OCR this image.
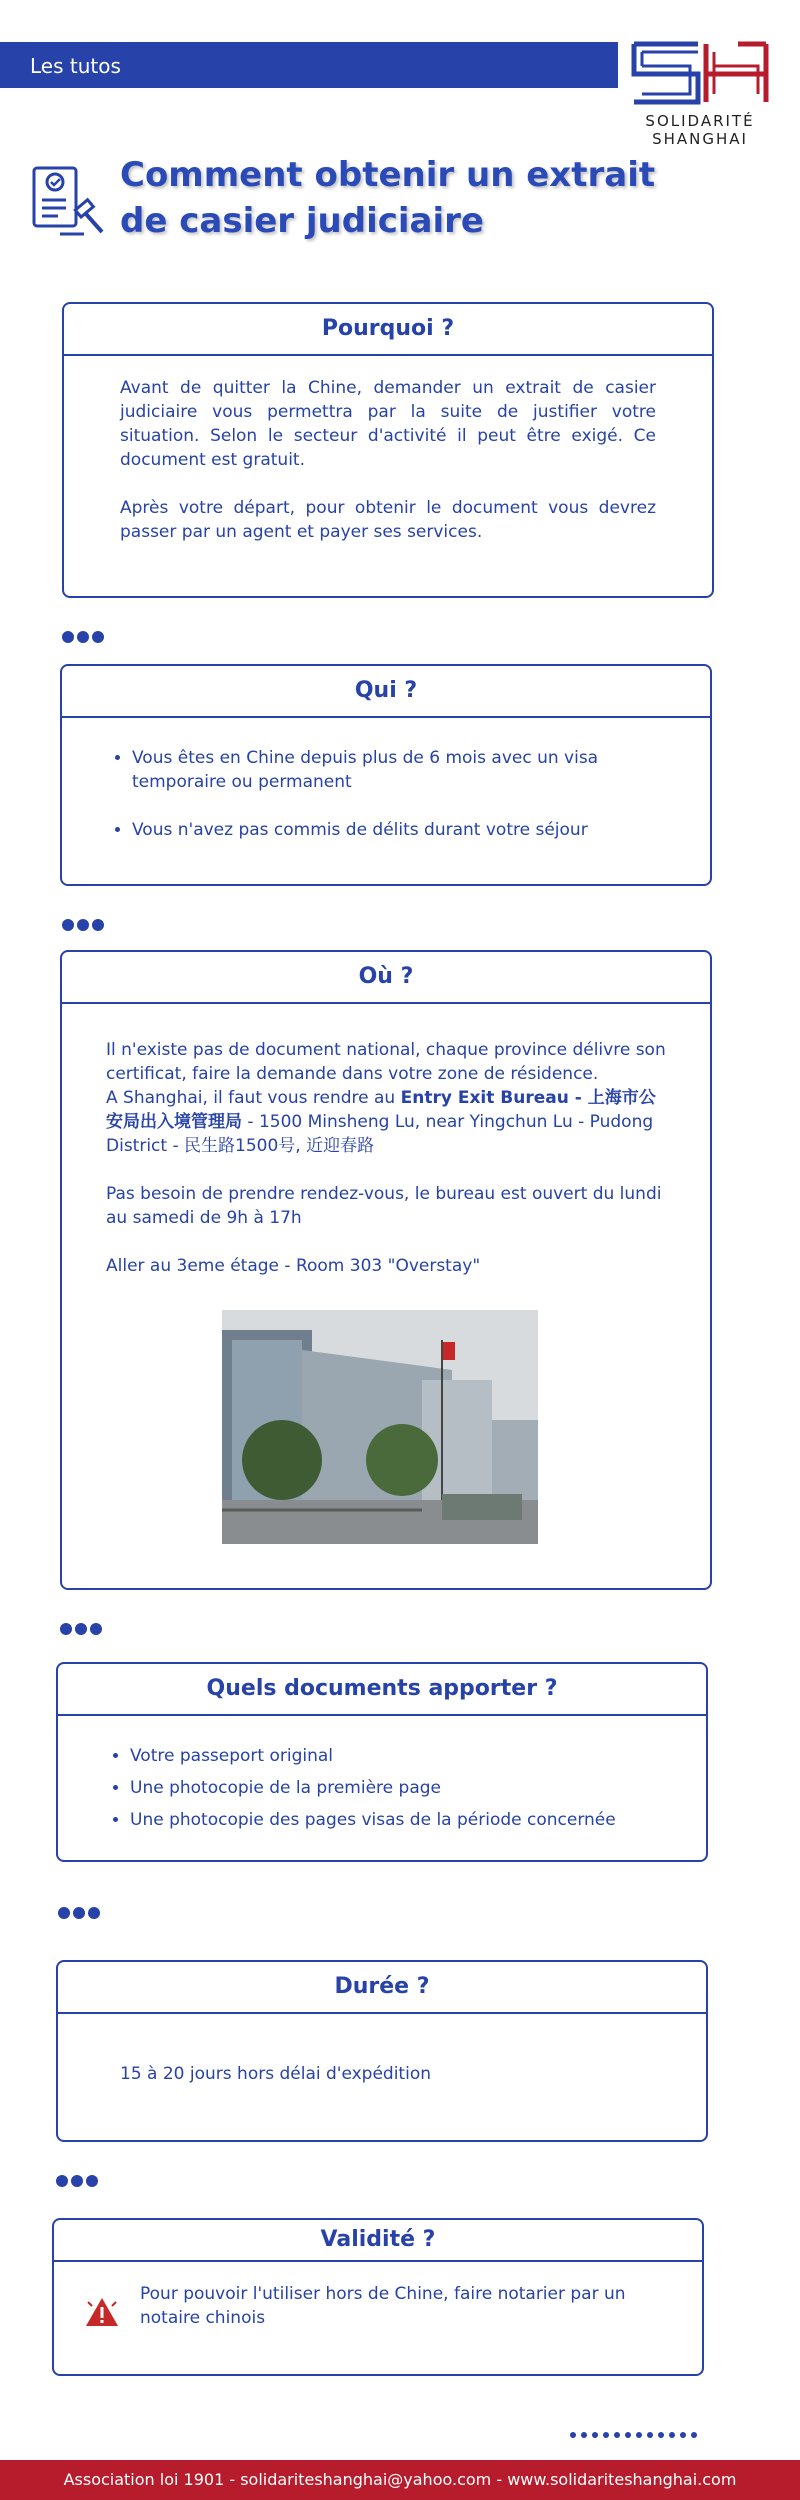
Les tutos
SOLIDARITÉ
SHANGHAI
Comment obtenir un extrait
de casier judiciaire
Pourquoi ?

Avant de quitter la Chine, demander un extrait de casier judiciaire vous permettra par la suite de justifier votre situation. Selon le secteur d'activité il peut être exigé. Ce document est gratuit.

Après votre départ, pour obtenir le document vous devrez passer par un agent et payer ses services.

Qui ?
• Vous êtes en Chine depuis plus de 6 mois avec un visa temporaire ou permanent
• Vous n'avez pas commis de délits durant votre séjour
Où ?

Il n'existe pas de document national, chaque province délivre son certificat, faire la demande dans votre zone de résidence.

A Shanghai, il faut vous rendre au Entry Exit Bureau - 上海市公安局出入境管理局 - 1500 Minsheng Lu, near Yingchun Lu - Pudong District - 民生路1500号, 近迎春路

Pas besoin de prendre rendez-vous, le bureau est ouvert du lundi au samedi de 9h à 17h

Aller au 3eme étage - Room 303 "Overstay"

Quels documents apporter ?
• Votre passeport original
• Une photocopie de la première page
• Une photocopie des pages visas de la période concernée
Durée ?
15 à 20 jours hors délai d'expédition
Validité ?
Pour pouvoir l'utiliser hors de Chine, faire notarier par un notaire chinois
Association loi 1901 - solidariteshanghai@yahoo.com - www.solidariteshanghai.com
